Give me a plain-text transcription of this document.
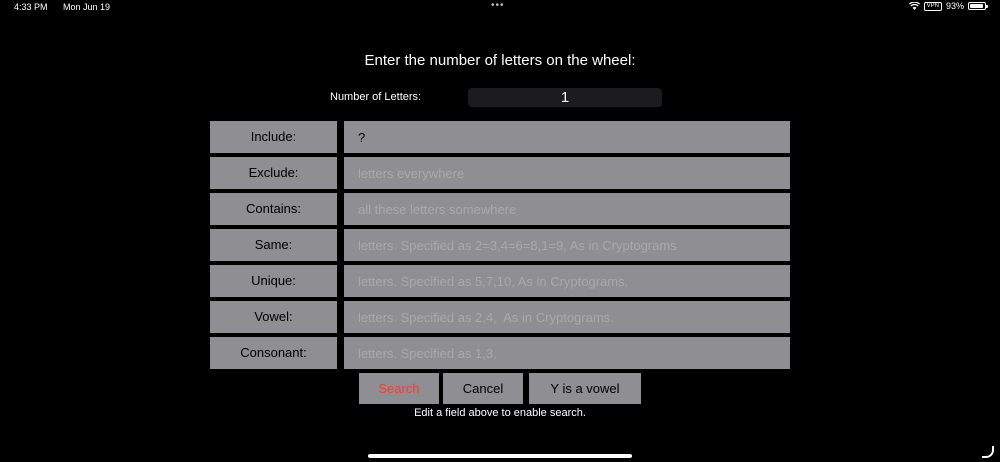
4:33 PM Mon Jun 19	•••	VPN 93%
Enter the number of letters on the wheel:
Number of Letters:
1
Include:
?
Exclude:
letters everywhere
Contains:
all these letters somewhere
Same:
letters. Specified as 2=3,4=6=8,1=9, As in Cryptograms
Unique:
letters. Specified as 5,7,10, As in Cryptograms.
Vowel:
letters. Specified as 2,4, As in Cryptograms.
Consonant:
letters. Specified as 1,3,
Search	Cancel	Y is a vowel
Edit a field above to enable search.
